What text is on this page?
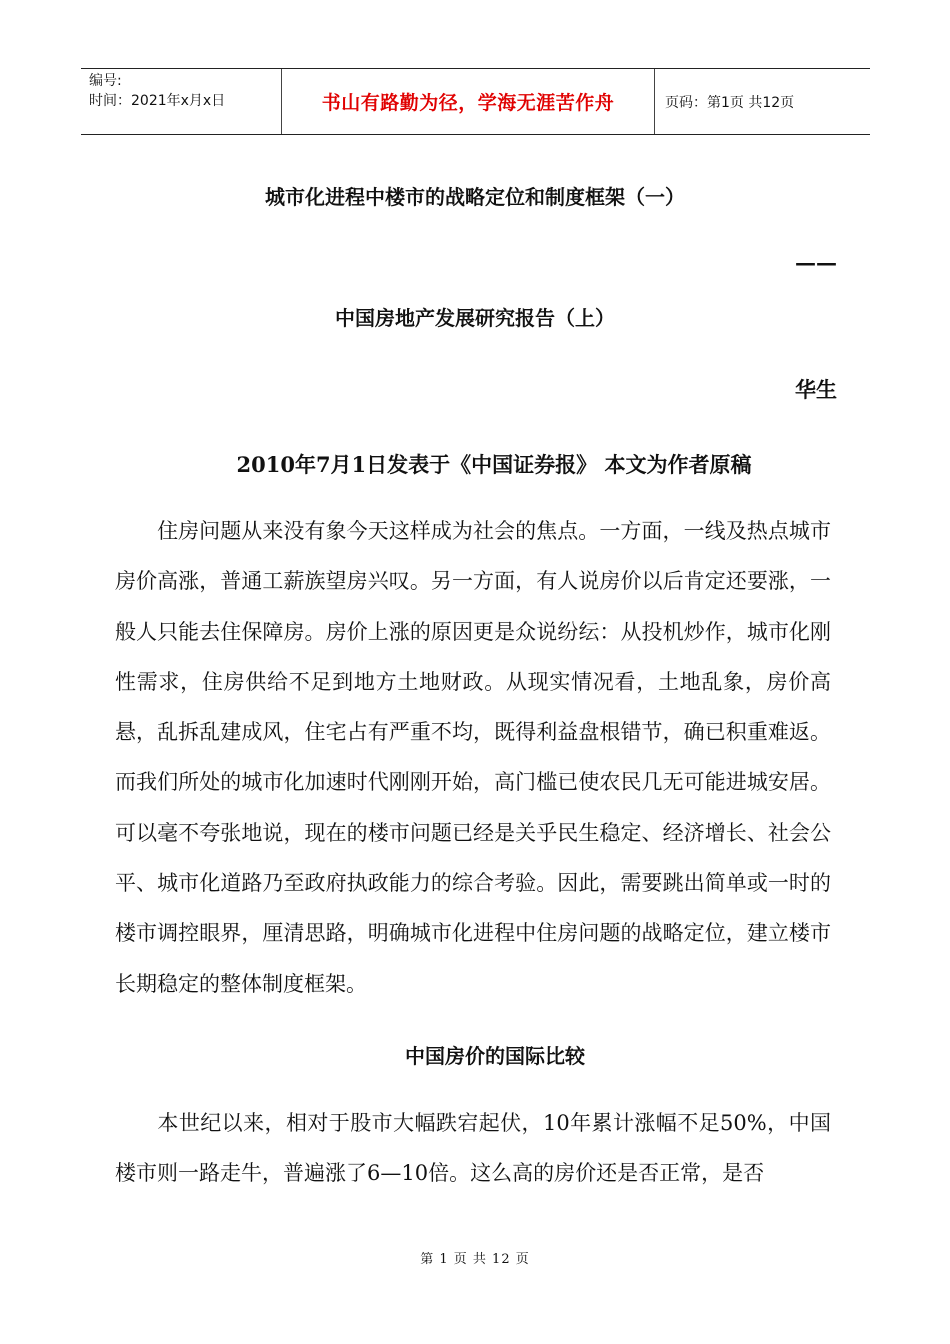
编号:
时间：2021年x月x日	书山有路勤为径，学海无涯苦作舟	页码：第1页 共12页
城市化进程中楼市的战略定位和制度框架（一）
——
中国房地产发展研究报告（上）
华生
2010年7月1日发表于《中国证券报》 本文为作者原稿
住房问题从来没有象今天这样成为社会的焦点。一方面，一线及热点城市房价高涨，普通工薪族望房兴叹。另一方面，有人说房价以后肯定还要涨，一般人只能去住保障房。房价上涨的原因更是众说纷纭：从投机炒作，城市化刚性需求，住房供给不足到地方土地财政。从现实情况看，土地乱象，房价高悬，乱拆乱建成风，住宅占有严重不均，既得利益盘根错节，确已积重难返。而我们所处的城市化加速时代刚刚开始，高门槛已使农民几无可能进城安居。可以毫不夸张地说，现在的楼市问题已经是关乎民生稳定、经济增长、社会公平、城市化道路乃至政府执政能力的综合考验。因此，需要跳出简单或一时的楼市调控眼界，厘清思路，明确城市化进程中住房问题的战略定位，建立楼市长期稳定的整体制度框架。
中国房价的国际比较
本世纪以来，相对于股市大幅跌宕起伏，10年累计涨幅不足50%，中国楼市则一路走牛，普遍涨了6—10倍。这么高的房价还是否正常，是否
第 1 页 共 12 页
